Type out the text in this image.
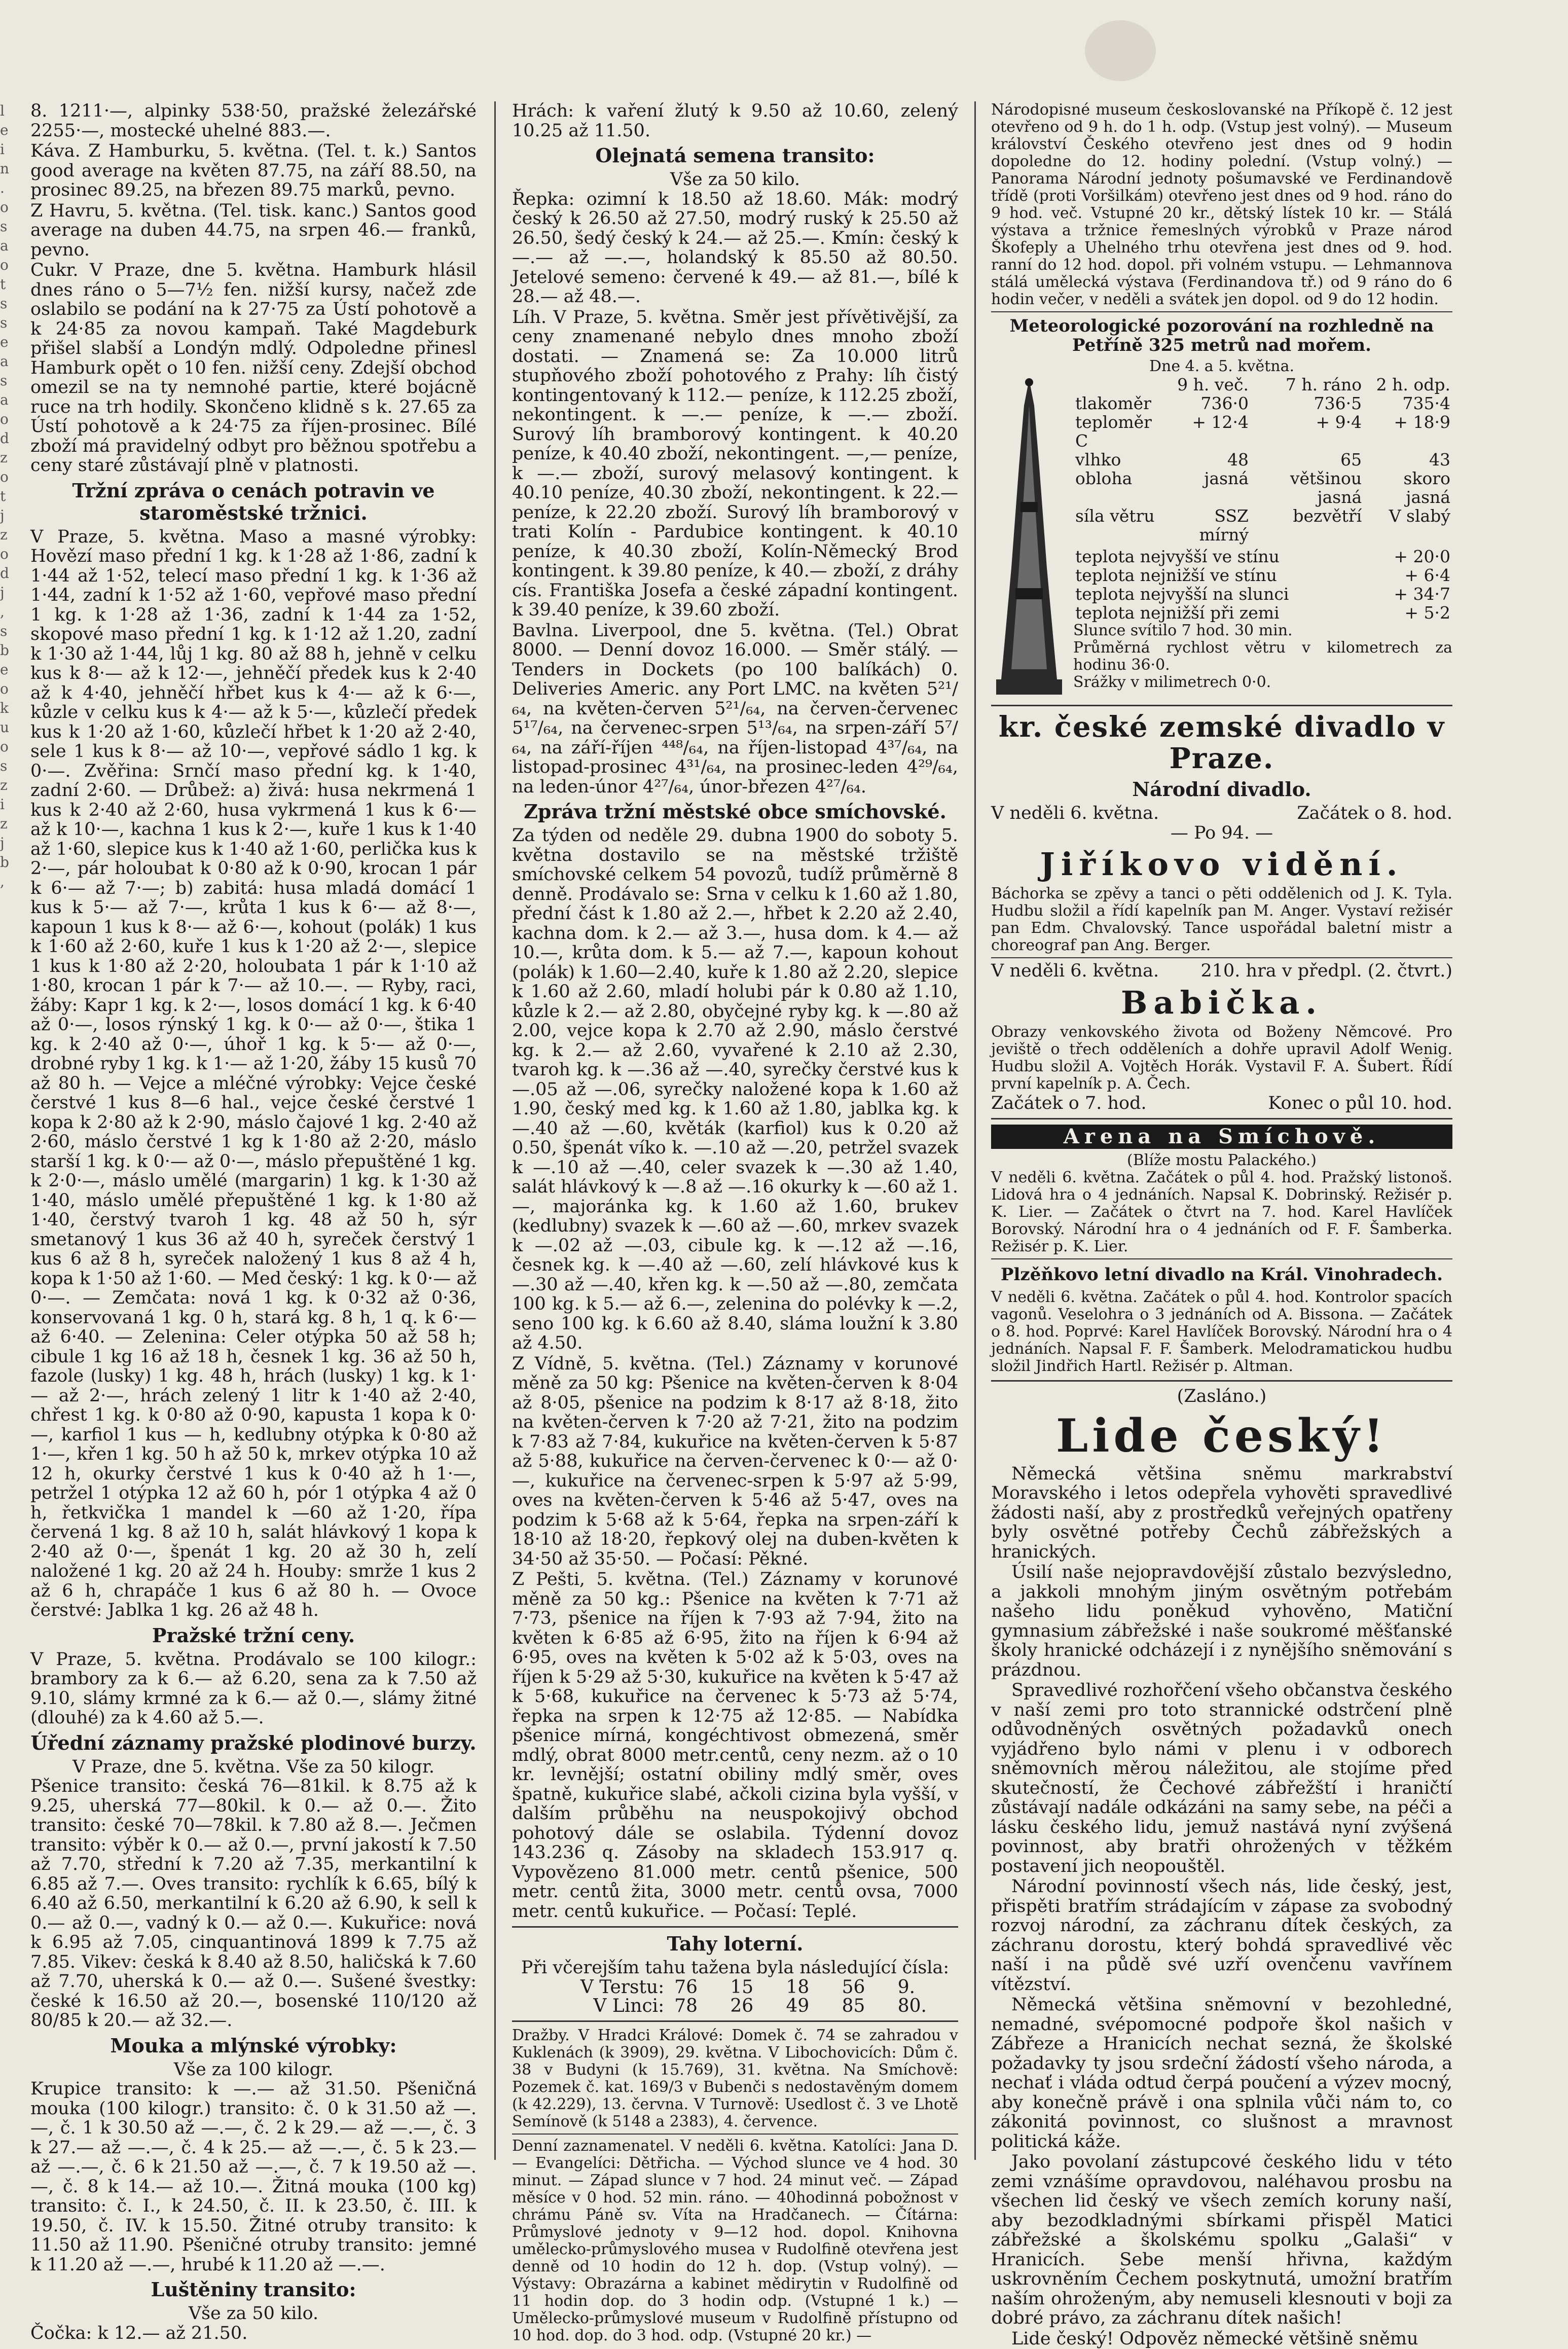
l e i n . o s a o t s s e a s a o d z o t j z o d j , s b e o k u o s z i z j b ,

8. 1211·—, alpinky 538·50, pražské železářské 2255·—, mostecké uhelné 883.—.

Káva. Z Hamburku, 5. května. (Tel. t. k.) Santos good average na květen 87.75, na září 88.50, na prosinec 89.25, na březen 89.75 marků, pevno.

Z Havru, 5. května. (Tel. tisk. kanc.) Santos good average na duben 44.75, na srpen 46.— franků, pevno.

Cukr. V Praze, dne 5. května. Hamburk hlásil dnes ráno o 5—7½ fen. nižší kursy, načež zde oslabilo se podání na k 27·75 za Ústí pohotově a k 24·85 za novou kampaň. Také Magdeburk přišel slabší a Londýn mdlý. Odpoledne přinesl Hamburk opět o 10 fen. nižší ceny. Zdejší obchod omezil se na ty nemnohé partie, které bojácně ruce na trh hodily. Skončeno klidně s k. 27.65 za Ústí pohotově a k 24·75 za říjen-prosinec. Bílé zboží má pravidelný odbyt pro běžnou spotřebu a ceny staré zůstávají plně v platnosti.

Tržní zpráva o cenách potravin ve staroměstské tržnici.

V Praze, 5. května. Maso a masné výrobky: Hovězí maso přední 1 kg. k 1·28 až 1·86, zadní k 1·44 až 1·52, telecí maso přední 1 kg. k 1·36 až 1·44, zadní k 1·52 až 1·60, vepřové maso přední 1 kg. k 1·28 až 1·36, zadní k 1·44 za 1·52, skopové maso přední 1 kg. k 1·12 až 1.20, zadní k 1·30 až 1·44, lůj 1 kg. 80 až 88 h, jehně v celku kus k 8·— až k 12·—, jehněčí předek kus k 2·40 až k 4·40, jehněčí hřbet kus k 4·— až k 6·—, kůzle v celku kus k 4·— až k 5·—, kůzlečí předek kus k 1·20 až 1·60, kůzlečí hřbet k 1·20 až 2·40, sele 1 kus k 8·— až 10·—, vepřové sádlo 1 kg. k 0·—. Zvěřina: Srnčí maso přední kg. k 1·40, zadní 2·60. — Drůbež: a) živá: husa nekrmená 1 kus k 2·40 až 2·60, husa vykrmená 1 kus k 6·— až k 10·—, kachna 1 kus k 2·—, kuře 1 kus k 1·40 až 1·60, slepice kus k 1·40 až 1·60, perlička kus k 2·—, pár holoubat k 0·80 až k 0·90, krocan 1 pár k 6·— až 7·—; b) zabitá: husa mladá domácí 1 kus k 5·— až 7·—, krůta 1 kus k 6·— až 8·—, kapoun 1 kus k 8·— až 6·—, kohout (polák) 1 kus k 1·60 až 2·60, kuře 1 kus k 1·20 až 2·—, slepice 1 kus k 1·80 až 2·20, holoubata 1 pár k 1·10 až 1·80, krocan 1 pár k 7·— až 10.—. — Ryby, raci, žáby: Kapr 1 kg. k 2·—, losos domácí 1 kg. k 6·40 až 0·—, losos rýnský 1 kg. k 0·— až 0·—, štika 1 kg. k 2·40 až 0·—, úhoř 1 kg. k 5·— až 0·—, drobné ryby 1 kg. k 1·— až 1·20, žáby 15 kusů 70 až 80 h. — Vejce a mléčné výrobky: Vejce české čerstvé 1 kus 8—6 hal., vejce české čerstvé 1 kopa k 2·80 až k 2·90, máslo čajové 1 kg. 2·40 až 2·60, máslo čerstvé 1 kg k 1·80 až 2·20, máslo starší 1 kg. k 0·— až 0·—, máslo přepuštěné 1 kg. k 2·0·—, máslo umělé (margarin) 1 kg. k 1·30 až 1·40, máslo umělé přepuštěné 1 kg. k 1·80 až 1·40, čerstvý tvaroh 1 kg. 48 až 50 h, sýr smetanový 1 kus 36 až 40 h, syreček čerstvý 1 kus 6 až 8 h, syreček naložený 1 kus 8 až 4 h, kopa k 1·50 až 1·60. — Med český: 1 kg. k 0·— až 0·—. — Zemčata: nová 1 kg. k 0·32 až 0·36, konservovaná 1 kg. 0 h, stará kg. 8 h, 1 q. k 6·— až 6·40. — Zelenina: Celer otýpka 50 až 58 h; cibule 1 kg 16 až 18 h, česnek 1 kg. 36 až 50 h, fazole (lusky) 1 kg. 48 h, hrách (lusky) 1 kg. k 1·— až 2·—, hrách zelený 1 litr k 1·40 až 2·40, chřest 1 kg. k 0·80 až 0·90, kapusta 1 kopa k 0·—, karfiol 1 kus — h, kedlubny otýpka k 0·80 až 1·—, křen 1 kg. 50 h až 50 k, mrkev otýpka 10 až 12 h, okurky čerstvé 1 kus k 0·40 až h 1·—, petržel 1 otýpka 12 až 60 h, pór 1 otýpka 4 až 0 h, řetkvička 1 mandel k —60 až 1·20, řípa červená 1 kg. 8 až 10 h, salát hlávkový 1 kopa k 2·40 až 0·—, špenát 1 kg. 20 až 30 h, zelí naložené 1 kg. 20 až 24 h. Houby: smrže 1 kus 2 až 6 h, chrapáče 1 kus 6 až 80 h. — Ovoce čerstvé: Jablka 1 kg. 26 až 48 h.

Pražské tržní ceny.

V Praze, 5. května. Prodávalo se 100 kilogr.: brambory za k 6.— až 6.20, sena za k 7.50 až 9.10, slámy krmné za k 6.— až 0.—, slámy žitné (dlouhé) za k 4.60 až 5.—.

Úřední záznamy pražské plodinové burzy.

V Praze, dne 5. května. Vše za 50 kilogr.

Pšenice transito: česká 76—81kil. k 8.75 až k 9.25, uherská 77—80kil. k 0.— až 0.—. Žito transito: české 70—78kil. k 7.80 až 8.—. Ječmen transito: výběr k 0.— až 0.—, první jakostí k 7.50 až 7.70, střední k 7.20 až 7.35, merkantilní k 6.85 až 7.—. Oves transito: rychlík k 6.65, bílý k 6.40 až 6.50, merkantilní k 6.20 až 6.90, k sell k 0.— až 0.—, vadný k 0.— až 0.—. Kukuřice: nová k 6.95 až 7.05, cinquantinová 1899 k 7.75 až 7.85. Vikev: česká k 8.40 až 8.50, haličská k 7.60 až 7.70, uherská k 0.— až 0.—. Sušené švestky: české k 16.50 až 20.—, bosenské 110/120 až 80/85 k 20.— až 32.—.

Mouka a mlýnské výrobky:

Vše za 100 kilogr.

Krupice transito: k —.— až 31.50. Pšeničná mouka (100 kilogr.) transito: č. 0 k 31.50 až —.—, č. 1 k 30.50 až —.—, č. 2 k 29.— až —.—, č. 3 k 27.— až —.—, č. 4 k 25.— až —.—, č. 5 k 23.— až —.—, č. 6 k 21.50 až —.—, č. 7 k 19.50 až —.—, č. 8 k 14.— až 10.—. Žitná mouka (100 kg) transito: č. I., k 24.50, č. II. k 23.50, č. III. k 19.50, č. IV. k 15.50. Žitné otruby transito: k 11.50 až 11.90. Pšeničné otruby transito: jemné k 11.20 až —.—, hrubé k 11.20 až —.—.

Luštěniny transito:

Vše za 50 kilo.

Čočka: k 12.— až 21.50.

Hrách: k vaření žlutý k 9.50 až 10.60, zelený 10.25 až 11.50.

Olejnatá semena transito:

Vše za 50 kilo.

Řepka: ozimní k 18.50 až 18.60. Mák: modrý český k 26.50 až 27.50, modrý ruský k 25.50 až 26.50, šedý český k 24.— až 25.—. Kmín: český k —.— až —.—, holandský k 85.50 až 80.50. Jetelové semeno: červené k 49.— až 81.—, bílé k 28.— až 48.—.

Líh. V Praze, 5. května. Směr jest přívětivější, za ceny znamenané nebylo dnes mnoho zboží dostati. — Znamená se: Za 10.000 litrů stupňového zboží pohotového z Prahy: líh čistý kontingentovaný k 112.— peníze, k 112.25 zboží, nekontingent. k —.— peníze, k —.— zboží. Surový líh bramborový kontingent. k 40.20 peníze, k 40.40 zboží, nekontingent. —,— peníze, k —.— zboží, surový melasový kontingent. k 40.10 peníze, 40.30 zboží, nekontingent. k 22.— peníze, k 22.20 zboží. Surový líh bramborový v trati Kolín - Pardubice kontingent. k 40.10 peníze, k 40.30 zboží, Kolín-Německý Brod kontingent. k 39.80 peníze, k 40.— zboží, z dráhy cís. Františka Josefa a české západní kontingent. k 39.40 peníze, k 39.60 zboží.

Bavlna. Liverpool, dne 5. května. (Tel.) Obrat 8000. — Denní dovoz 16.000. — Směr stálý. — Tenders in Dockets (po 100 balíkách) 0. Deliveries Americ. any Port LMC. na květen 5²¹/₆₄, na květen-červen 5²¹/₆₄, na červen-červenec 5¹⁷/₆₄, na červenec-srpen 5¹³/₆₄, na srpen-září 5⁷/₆₄, na září-říjen ⁴⁴⁸/₆₄, na říjen-listopad 4³⁷/₆₄, na listopad-prosinec 4³¹/₆₄, na prosinec-leden 4²⁹/₆₄, na leden-únor 4²⁷/₆₄, únor-březen 4²⁷/₆₄.

Zpráva tržní městské obce smíchovské.

Za týden od neděle 29. dubna 1900 do soboty 5. května dostavilo se na městské tržiště smíchovské celkem 54 povozů, tudíž průměrně 8 denně. Prodávalo se: Srna v celku k 1.60 až 1.80, přední část k 1.80 až 2.—, hřbet k 2.20 až 2.40, kachna dom. k 2.— až 3.—, husa dom. k 4.— až 10.—, krůta dom. k 5.— až 7.—, kapoun kohout (polák) k 1.60—2.40, kuře k 1.80 až 2.20, slepice k 1.60 až 2.60, mladí holubi pár k 0.80 až 1.10, kůzle k 2.— až 2.80, obyčejné ryby kg. k —.80 až 2.00, vejce kopa k 2.70 až 2.90, máslo čerstvé kg. k 2.— až 2.60, vyvařené k 2.10 až 2.30, tvaroh kg. k —.36 až —.40, syrečky čerstvé kus k —.05 až —.06, syrečky naložené kopa k 1.60 až 1.90, český med kg. k 1.60 až 1.80, jablka kg. k —.40 až —.60, květák (karfiol) kus k 0.20 až 0.50, špenát víko k. —.10 až —.20, petržel svazek k —.10 až —.40, celer svazek k —.30 až 1.40, salát hlávkový k —.8 až —.16 okurky k —.60 až 1.—, majoránka kg. k 1.60 až 1.60, brukev (kedlubny) svazek k —.60 až —.60, mrkev svazek k —.02 až —.03, cibule kg. k —.12 až —.16, česnek kg. k —.40 až —.60, zelí hlávkové kus k —.30 až —.40, křen kg. k —.50 až —.80, zemčata 100 kg. k 5.— až 6.—, zelenina do polévky k —.2, seno 100 kg. k 6.60 až 8.40, sláma loužní k 3.80 až 4.50.

Z Vídně, 5. května. (Tel.) Záznamy v korunové měně za 50 kg: Pšenice na květen-červen k 8·04 až 8·05, pšenice na podzim k 8·17 až 8·18, žito na květen-červen k 7·20 až 7·21, žito na podzim k 7·83 až 7·84, kukuřice na květen-červen k 5·87 až 5·88, kukuřice na červen-červenec k 0·— až 0·—, kukuřice na červenec-srpen k 5·97 až 5·99, oves na květen-červen k 5·46 až 5·47, oves na podzim k 5·68 až k 5·64, řepka na srpen-září k 18·10 až 18·20, řepkový olej na duben-květen k 34·50 až 35·50. — Počasí: Pěkné.

Z Pešti, 5. května. (Tel.) Záznamy v korunové měně za 50 kg.: Pšenice na květen k 7·71 až 7·73, pšenice na říjen k 7·93 až 7·94, žito na květen k 6·85 až 6·95, žito na říjen k 6·94 až 6·95, oves na květen k 5·02 až k 5·03, oves na říjen k 5·29 až 5·30, kukuřice na květen k 5·47 až k 5·68, kukuřice na červenec k 5·73 až 5·74, řepka na srpen k 12·75 až 12·85. — Nabídka pšenice mírná, kongéchtivost obmezená, směr mdlý, obrat 8000 metr.centů, ceny nezm. až o 10 kr. levnější; ostatní obiliny mdlý směr, oves špatně, kukuřice slabé, ačkoli cizina byla vyšší, v dalším průběhu na neuspokojivý obchod pohotový dále se oslabila. Týdenní dovoz 143.236 q. Zásoby na skladech 153.917 q. Vypovězeno 81.000 metr. centů pšenice, 500 metr. centů žita, 3000 metr. centů ovsa, 7000 metr. centů kukuřice. — Počasí: Teplé.

Tahy loterní.

Při včerejším tahu tažena byla následující čísla:

V Terstu:	76	15	18	56	9.
V Linci:	78	26	49	85	80.

Dražby. V Hradci Králové: Domek č. 74 se zahradou v Kuklenách (k 3909), 29. května. V Libochovicích: Dům č. 38 v Budyni (k 15.769), 31. května. Na Smíchově: Pozemek č. kat. 169/3 v Bubenči s nedostavěným domem (k 42.229), 13. června. V Turnově: Usedlost č. 3 ve Lhotě Semínově (k 5148 a 2383), 4. července.

Denní zaznamenatel. V neděli 6. května. Katolíci: Jana D. — Evangelíci: Dětřicha. — Východ slunce ve 4 hod. 30 minut. — Západ slunce v 7 hod. 24 minut več. — Západ měsíce v 0 hod. 52 min. ráno. — 40hodinná pobožnost v chrámu Páně sv. Víta na Hradčanech. — Čítárna: Průmyslové jednoty v 9—12 hod. dopol. Knihovna umělecko-průmyslového musea v Rudolfině otevřena jest denně od 10 hodin do 12 h. dop. (Vstup volný). — Výstavy: Obrazárna a kabinet mědirytin v Rudolfině od 11 hodin dop. do 3 hodin odp. (Vstupné 1 k.) — Umělecko-průmyslové museum v Rudolfině přístupno od 10 hod. dop. do 3 hod. odp. (Vstupné 20 kr.) —

Národopisné museum českoslovanské na Příkopě č. 12 jest otevřeno od 9 h. do 1 h. odp. (Vstup jest volný). — Museum království Českého otevřeno jest dnes od 9 hodin dopoledne do 12. hodiny polední. (Vstup volný.) — Panorama Národní jednoty pošumavské ve Ferdinandově třídě (proti Voršilkám) otevřeno jest dnes od 9 hod. ráno do 9 hod. več. Vstupné 20 kr., dětský lístek 10 kr. — Stálá výstava a tržnice řemeslných výrobků v Praze národ Škofeply a Uhelného trhu otevřena jest dnes od 9. hod. ranní do 12 hod. dopol. při volném vstupu. — Lehmannova stálá umělecká výstava (Ferdinandova tř.) od 9 ráno do 6 hodin večer, v neděli a svátek jen dopol. od 9 do 12 hodin.

Meteorologické pozorování na rozhledně na Petříně 325 metrů nad mořem.

Dne 4. a 5. května.

	9 h. več.	7 h. ráno	2 h. odp.
tlakoměr	736·0	736·5	735·4
teploměr C	+ 12·4	+ 9·4	+ 18·9
vlhko	48	65	43
obloha	jasná	většinou jasná	skoro jasná
síla větru	SSZ mírný	bezvětří	V slabý
teplota nejvyšší ve stínu	+ 20·0
teplota nejnižší ve stínu	+ 6·4
teplota nejvyšší na slunci	+ 34·7
teplota nejnižší při zemi	+ 5·2

Slunce svítilo 7 hod. 30 min.

Průměrná rychlost větru v kilometrech za hodinu 36·0.

Srážky v milimetrech 0·0.

kr. české zemské divadlo v Praze.
Národní divadlo.
V neděli 6. května.	Začátek o 8. hod.

— Po 94. —

Jiříkovo vidění.

Báchorka se zpěvy a tanci o pěti oddělenich od J. K. Tyla. Hudbu složil a řídí kapelník pan M. Anger. Vystaví režisér pan Edm. Chvalovský. Tance uspořádal baletní mistr a choreograf pan Ang. Berger.

V neděli 6. května. 210. hra v předpl. (2. čtvrt.)
Babička.

Obrazy venkovského života od Boženy Němcové. Pro jeviště o třech odděleních a dohře upravil Adolf Wenig. Hudbu složil A. Vojtěch Horák. Vystavil F. A. Šubert. Řídí první kapelník p. A. Čech.

Začátek o 7. hod.	Konec o půl 10. hod.
Arena na Smíchově.

(Blíže mostu Palackého.)

V neděli 6. května. Začátek o půl 4. hod. Pražský listonoš. Lidová hra o 4 jednáních. Napsal K. Dobrinský. Režisér p. K. Lier. — Začátek o čtvrt na 7. hod. Karel Havlíček Borovský. Národní hra o 4 jednáních od F. F. Šamberka. Režisér p. K. Lier.

Plzěňkovo letní divadlo na Král. Vinohradech.

V neděli 6. května. Začátek o půl 4. hod. Kontrolor spacích vagonů. Veselohra o 3 jednáních od A. Bissona. — Začátek o 8. hod. Poprvé: Karel Havlíček Borovský. Národní hra o 4 jednáních. Napsal F. F. Šamberk. Melodramatickou hudbu složil Jindřich Hartl. Režisér p. Altman.

(Zasláno.)

Lide český!

Německá většina sněmu markrabství Moravského i letos odepřela vyhověti spravedlivé žádosti naší, aby z prostředků veřejných opatřeny byly osvětné potřeby Čechů zábřežských a hranických.

Úsilí naše nejopravdovější zůstalo bezvýsledno, a jakkoli mnohým jiným osvětným potřebám našeho lidu poněkud vyhověno, Matiční gymnasium zábřežské i naše soukromé měšťanské školy hranické odcházejí i z nynějšího sněmování s prázdnou.

Spravedlivé rozhořčení všeho občanstva českého v naší zemi pro toto strannické odstrčení plně odůvodněných osvětných požadavků onech vyjádřeno bylo námi v plenu i v odborech sněmovních měrou náležitou, ale stojíme před skutečností, že Čechové zábřežští i hraničtí zůstávají nadále odkázáni na samy sebe, na péči a lásku českého lidu, jemuž nastává nyní zvýšená povinnost, aby bratři ohrožených v těžkém postavení jich neopouštěl.

Národní povinností všech nás, lide český, jest, přispěti bratřím strádajícím v zápase za svobodný rozvoj národní, za záchranu dítek českých, za záchranu dorostu, který bohdá spravedlivé věc naší i na půdě své uzří ovenčenu vavřínem vítězství.

Německá většina sněmovní v bezohledné, nemadné, svépomocné podpoře škol našich v Zábřeze a Hranicích nechat sezná, že školské požadavky ty jsou srdeční žádostí všeho národa, a nechať i vláda odtud čerpá poučení a výzev mocný, aby konečně právě i ona splnila vůči nám to, co zákonitá povinnost, co slušnost a mravnost politická káže.

Jako povolaní zástupcové českého lidu v této zemi vznášíme opravdovou, naléhavou prosbu na všechen lid český ve všech zemích koruny naší, aby bezodkladnými sbírkami přispěl Matici zábřežské a školskému spolku „Galaši“ v Hranicích. Sebe menší hřivna, každým uskrovněním Čechem poskytnutá, umožní bratřím naším ohroženým, aby nemuseli klesnouti v boji za dobré právo, za záchranu dítek našich!

Lide český! Odpověz německé většině sněmu
